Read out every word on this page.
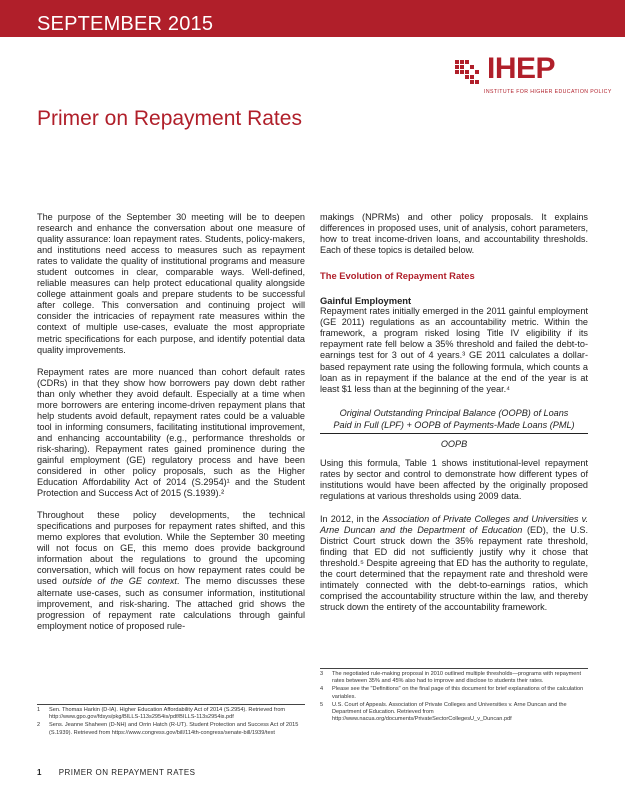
SEPTEMBER 2015
IHEP
INSTITUTE FOR HIGHER EDUCATION POLICY
Primer on Repayment Rates

The purpose of the September 30 meeting will be to deepen research and enhance the conversation about one measure of quality assurance: loan repayment rates. Students, policy-makers, and institutions need access to measures such as repayment rates to validate the quality of institutional programs and measure student outcomes in clear, comparable ways. Well-defined, reliable measures can help protect educational quality alongside college attainment goals and prepare students to be successful after college. This conversation and continuing project will consider the intricacies of repayment rate measures within the context of multiple use-cases, evaluate the most appropriate metric specifications for each purpose, and identify potential data quality improvements.

Repayment rates are more nuanced than cohort default rates (CDRs) in that they show how borrowers pay down debt rather than only whether they avoid default. Especially at a time when more borrowers are entering income-driven repayment plans that help students avoid default, repayment rates could be a valuable tool in informing consumers, facilitating institutional improvement, and enhancing accountability (e.g., performance thresholds or risk-sharing). Repayment rates gained prominence during the gainful employment (GE) regulatory process and have been considered in other policy proposals, such as the Higher Education Affordability Act of 2014 (S.2954)¹ and the Student Protection and Success Act of 2015 (S.1939).²

Throughout these policy developments, the technical specifications and purposes for repayment rates shifted, and this memo explores that evolution. While the September 30 meeting will not focus on GE, this memo does provide background information about the regulations to ground the upcoming conversation, which will focus on how repayment rates could be used outside of the GE context. The memo discusses these alternate use-cases, such as consumer information, institutional improvement, and risk-sharing. The attached grid shows the progression of repayment rate calculations through gainful employment notice of proposed rule-

makings (NPRMs) and other policy proposals. It explains differences in proposed uses, unit of analysis, cohort parameters, how to treat income-driven loans, and accountability thresholds. Each of these topics is detailed below.

The Evolution of Repayment Rates

Gainful Employment

Repayment rates initially emerged in the 2011 gainful employment (GE 2011) regulations as an accountability metric. Within the framework, a program risked losing Title IV eligibility if its repayment rate fell below a 35% threshold and failed the debt-to-earnings test for 3 out of 4 years.³ GE 2011 calculates a dollar-based repayment rate using the following formula, which counts a loan as in repayment if the balance at the end of the year is at least $1 less than at the beginning of the year.⁴

Original Outstanding Principal Balance (OOPB) of Loans
Paid in Full (LPF) + OOPB of Payments-Made Loans (PML)
OOPB

Using this formula, Table 1 shows institutional-level repayment rates by sector and control to demonstrate how different types of institutions would have been affected by the originally proposed regulations at various thresholds using 2009 data.

In 2012, in the Association of Private Colleges and Universities v. Arne Duncan and the Department of Education (ED), the U.S. District Court struck down the 35% repayment rate threshold, finding that ED did not sufficiently justify why it chose that threshold.⁵ Despite agreeing that ED has the authority to regulate, the court determined that the repayment rate and threshold were intimately connected with the debt-to-earnings ratios, which comprised the accountability structure within the law, and thereby struck down the entirety of the accountability framework.

1	Sen. Thomas Harkin (D-IA). Higher Education Affordability Act of 2014 (S.2954). Retrieved from http://www.gpo.gov/fdsys/pkg/BILLS-113s2954is/pdf/BILLS-113s2954is.pdf
2	Sens. Jeanne Shaheen (D-NH) and Orrin Hatch (R-UT). Student Protection and Success Act of 2015 (S.1939). Retrieved from https://www.congress.gov/bill/114th-congress/senate-bill/1939/text
3	The negotiated rule-making proposal in 2010 outlined multiple thresholds—programs with repayment rates between 35% and 45% also had to improve and disclose to students their rates.
4	Please see the "Definitions" on the final page of this document for brief explanations of the calculation variables.
5	U.S. Court of Appeals. Association of Private Colleges and Universities v. Arne Duncan and the Department of Education. Retrieved from http://www.nacua.org/documents/PrivateSectorCollegesU_v_Duncan.pdf
1 PRIMER ON REPAYMENT RATES
